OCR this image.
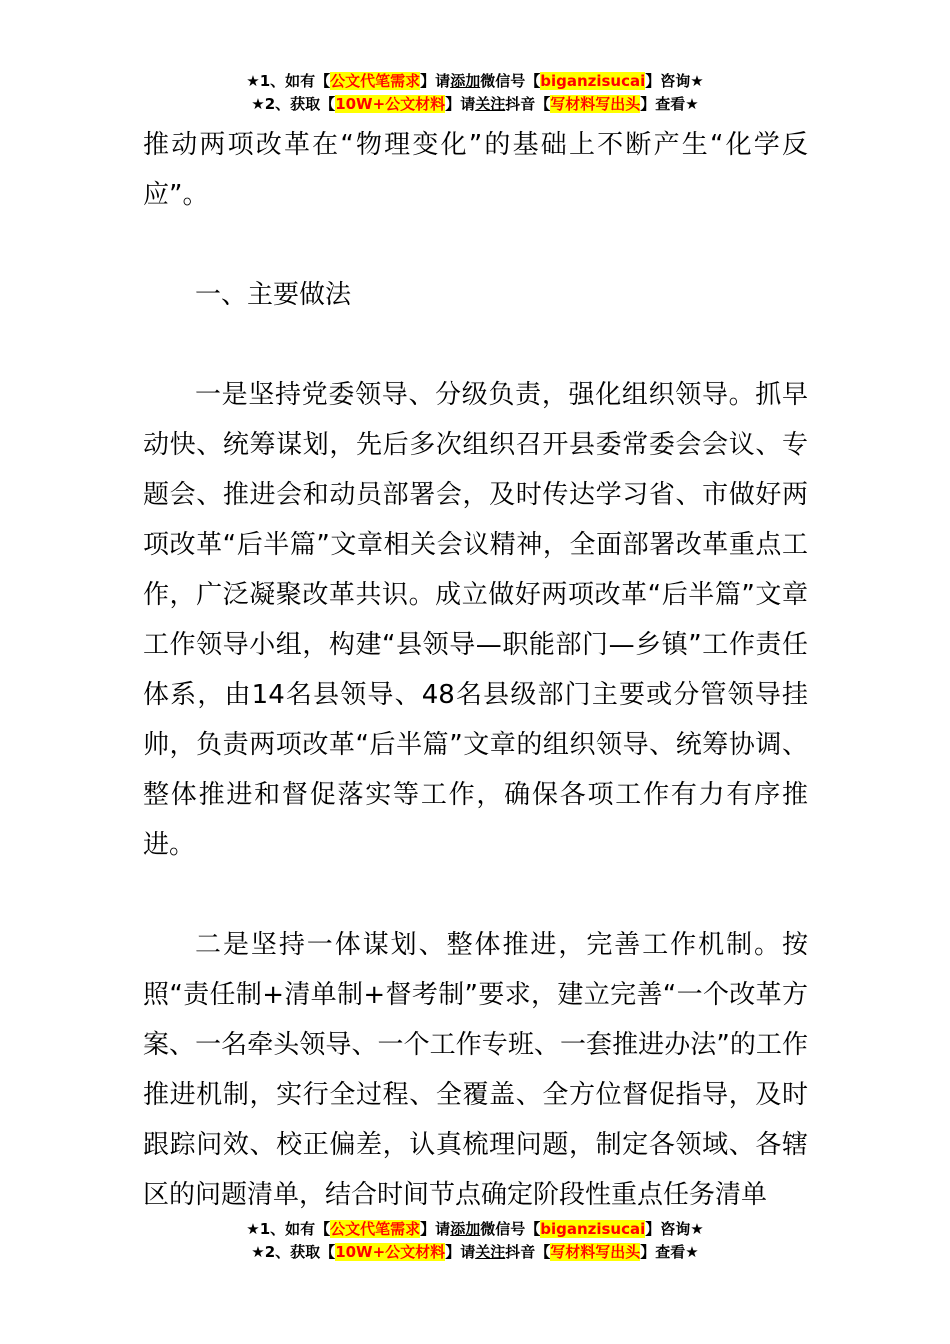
★1、如有【公文代笔需求】请添加微信号【biganzisucai】咨询★
★2、获取【10W+公文材料】请关注抖音【写材料写出头】查看★

推动两项改革在“物理变化”的基础上不断产生“化学反应”。

一、主要做法

一是坚持党委领导、分级负责，强化组织领导。抓早动快、统筹谋划，先后多次组织召开县委常委会会议、专题会、推进会和动员部署会，及时传达学习省、市做好两项改革“后半篇”文章相关会议精神，全面部署改革重点工作，广泛凝聚改革共识。成立做好两项改革“后半篇”文章工作领导小组，构建“县领导—职能部门—乡镇”工作责任体系，由14名县领导、48名县级部门主要或分管领导挂帅，负责两项改革“后半篇”文章的组织领导、统筹协调、整体推进和督促落实等工作，确保各项工作有力有序推进。

二是坚持一体谋划、整体推进，完善工作机制。按照“责任制+清单制+督考制”要求，建立完善“一个改革方案、一名牵头领导、一个工作专班、一套推进办法”的工作推进机制，实行全过程、全覆盖、全方位督促指导，及时跟踪问效、校正偏差，认真梳理问题，制定各领域、各辖区的问题清单，结合时间节点确定阶段性重点任务清单

★1、如有【公文代笔需求】请添加微信号【biganzisucai】咨询★
★2、获取【10W+公文材料】请关注抖音【写材料写出头】查看★
